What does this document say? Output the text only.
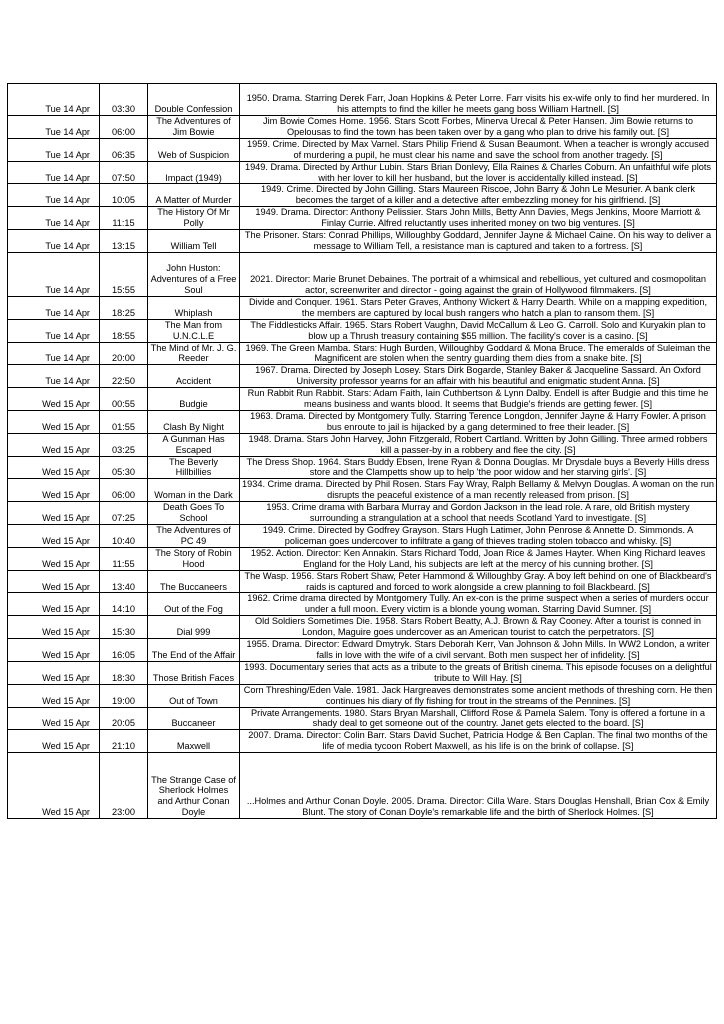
Tue 14 Apr	03:30	Double Confession	1950. Drama. Starring Derek Farr, Joan Hopkins & Peter Lorre. Farr visits his ex-wife only to find her murdered. In his attempts to find the killer he meets gang boss William Hartnell. [S]
Tue 14 Apr	06:00	The Adventures of Jim Bowie	Jim Bowie Comes Home. 1956. Stars Scott Forbes, Minerva Urecal & Peter Hansen. Jim Bowie returns to Opelousas to find the town has been taken over by a gang who plan to drive his family out. [S]
Tue 14 Apr	06:35	Web of Suspicion	1959. Crime. Directed by Max Varnel. Stars Philip Friend & Susan Beaumont. When a teacher is wrongly accused of murdering a pupil, he must clear his name and save the school from another tragedy. [S]
Tue 14 Apr	07:50	Impact (1949)	1949. Drama. Directed by Arthur Lubin. Stars Brian Donlevy, Ella Raines & Charles Coburn. An unfaithful wife plots with her lover to kill her husband, but the lover is accidentally killed instead. [S]
Tue 14 Apr	10:05	A Matter of Murder	1949. Crime. Directed by John Gilling. Stars Maureen Riscoe, John Barry & John Le Mesurier. A bank clerk becomes the target of a killer and a detective after embezzling money for his girlfriend. [S]
Tue 14 Apr	11:15	The History Of Mr Polly	1949. Drama. Director: Anthony Pelissier. Stars John Mills, Betty Ann Davies, Megs Jenkins, Moore Marriott & Finlay Currie. Alfred reluctantly uses inherited money on two big ventures. [S]
Tue 14 Apr	13:15	William Tell	The Prisoner. Stars: Conrad Phillips, Willoughby Goddard, Jennifer Jayne & Michael Caine. On his way to deliver a message to William Tell, a resistance man is captured and taken to a fortress. [S]
Tue 14 Apr	15:55	John Huston: Adventures of a Free Soul	2021. Director: Marie Brunet Debaines. The portrait of a whimsical and rebellious, yet cultured and cosmopolitan actor, screenwriter and director - going against the grain of Hollywood filmmakers. [S]
Tue 14 Apr	18:25	Whiplash	Divide and Conquer. 1961. Stars Peter Graves, Anthony Wickert & Harry Dearth. While on a mapping expedition, the members are captured by local bush rangers who hatch a plan to ransom them. [S]
Tue 14 Apr	18:55	The Man from U.N.C.L.E	The Fiddlesticks Affair. 1965. Stars Robert Vaughn, David McCallum & Leo G. Carroll. Solo and Kuryakin plan to blow up a Thrush treasury containing $55 million. The facility's cover is a casino. [S]
Tue 14 Apr	20:00	The Mind of Mr. J. G. Reeder	1969. The Green Mamba. Stars: Hugh Burden, Willoughby Goddard & Mona Bruce. The emeralds of Suleiman the Magnificent are stolen when the sentry guarding them dies from a snake bite. [S]
Tue 14 Apr	22:50	Accident	1967. Drama. Directed by Joseph Losey. Stars Dirk Bogarde, Stanley Baker & Jacqueline Sassard. An Oxford University professor yearns for an affair with his beautiful and enigmatic student Anna. [S]
Wed 15 Apr	00:55	Budgie	Run Rabbit Run Rabbit. Stars: Adam Faith, Iain Cuthbertson & Lynn Dalby. Endell is after Budgie and this time he means business and wants blood. It seems that Budgie's friends are getting fewer. [S]
Wed 15 Apr	01:55	Clash By Night	1963. Drama. Directed by Montgomery Tully. Starring Terence Longdon, Jennifer Jayne & Harry Fowler. A prison bus enroute to jail is hijacked by a gang determined to free their leader. [S]
Wed 15 Apr	03:25	A Gunman Has Escaped	1948. Drama. Stars John Harvey, John Fitzgerald, Robert Cartland. Written by John Gilling. Three armed robbers kill a passer-by in a robbery and flee the city. [S]
Wed 15 Apr	05:30	The Beverly Hillbillies	The Dress Shop. 1964. Stars Buddy Ebsen, Irene Ryan & Donna Douglas. Mr Drysdale buys a Beverly Hills dress store and the Clampetts show up to help 'the poor widow and her starving girls'. [S]
Wed 15 Apr	06:00	Woman in the Dark	1934. Crime drama. Directed by Phil Rosen. Stars Fay Wray, Ralph Bellamy & Melvyn Douglas. A woman on the run disrupts the peaceful existence of a man recently released from prison. [S]
Wed 15 Apr	07:25	Death Goes To School	1953. Crime drama with Barbara Murray and Gordon Jackson in the lead role. A rare, old British mystery surrounding a strangulation at a school that needs Scotland Yard to investigate. [S]
Wed 15 Apr	10:40	The Adventures of PC 49	1949. Crime. Directed by Godfrey Grayson. Stars Hugh Latimer, John Penrose & Annette D. Simmonds. A policeman goes undercover to infiltrate a gang of thieves trading stolen tobacco and whisky. [S]
Wed 15 Apr	11:55	The Story of Robin Hood	1952. Action. Director: Ken Annakin. Stars Richard Todd, Joan Rice & James Hayter. When King Richard leaves England for the Holy Land, his subjects are left at the mercy of his cunning brother. [S]
Wed 15 Apr	13:40	The Buccaneers	The Wasp. 1956. Stars Robert Shaw, Peter Hammond & Willoughby Gray. A boy left behind on one of Blackbeard's raids is captured and forced to work alongside a crew planning to foil Blackbeard. [S]
Wed 15 Apr	14:10	Out of the Fog	1962. Crime drama directed by Montgomery Tully. An ex-con is the prime suspect when a series of murders occur under a full moon. Every victim is a blonde young woman. Starring David Sumner. [S]
Wed 15 Apr	15:30	Dial 999	Old Soldiers Sometimes Die. 1958. Stars Robert Beatty, A.J. Brown & Ray Cooney. After a tourist is conned in London, Maguire goes undercover as an American tourist to catch the perpetrators. [S]
Wed 15 Apr	16:05	The End of the Affair	1955. Drama. Director: Edward Dmytryk. Stars Deborah Kerr, Van Johnson & John Mills. In WW2 London, a writer falls in love with the wife of a civil servant. Both men suspect her of infidelity. [S]
Wed 15 Apr	18:30	Those British Faces	1993. Documentary series that acts as a tribute to the greats of British cinema. This episode focuses on a delightful tribute to Will Hay. [S]
Wed 15 Apr	19:00	Out of Town	Corn Threshing/Eden Vale. 1981. Jack Hargreaves demonstrates some ancient methods of threshing corn. He then continues his diary of fly fishing for trout in the streams of the Pennines. [S]
Wed 15 Apr	20:05	Buccaneer	Private Arrangements. 1980. Stars Bryan Marshall, Clifford Rose & Pamela Salem. Tony is offered a fortune in a shady deal to get someone out of the country. Janet gets elected to the board. [S]
Wed 15 Apr	21:10	Maxwell	2007. Drama. Director: Colin Barr. Stars David Suchet, Patricia Hodge & Ben Caplan. The final two months of the life of media tycoon Robert Maxwell, as his life is on the brink of collapse. [S]
Wed 15 Apr	23:00	The Strange Case of Sherlock Holmes and Arthur Conan Doyle	...Holmes and Arthur Conan Doyle. 2005. Drama. Director: Cilla Ware. Stars Douglas Henshall, Brian Cox & Emily Blunt. The story of Conan Doyle's remarkable life and the birth of Sherlock Holmes. [S]
